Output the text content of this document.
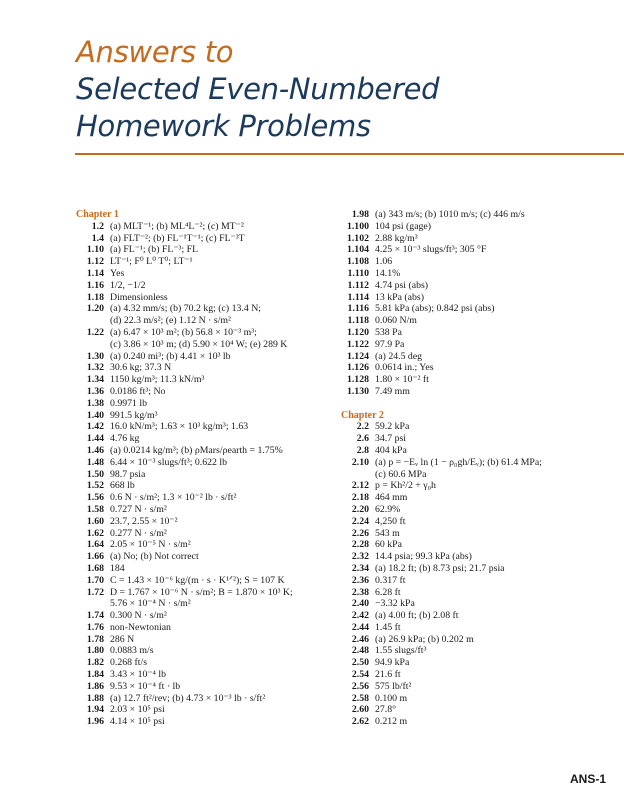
Answers to
Selected Even-Numbered
Homework Problems
Chapter 1
1.2 (a) MLT⁻¹; (b) ML⁴L⁻²; (c) MT⁻²
1.4 (a) FLT⁻²; (b) FL⁻¹T⁻¹; (c) FL⁻³T
1.10 (a) FL⁻¹; (b) FL⁻³; FL
1.12 LT⁻¹; F⁰ L⁰ T⁰; LT⁻¹
1.14 Yes
1.16 1/2, −1/2
1.18 Dimensionless
1.20 (a) 4.32 mm/s; (b) 70.2 kg; (c) 13.4 N;
(d) 22.3 m/s²; (e) 1.12 N · s/m²
1.22 (a) 6.47 × 10³ m²; (b) 56.8 × 10⁻³ m³;
(c) 3.86 × 10³ m; (d) 5.90 × 10⁴ W; (e) 289 K
1.30 (a) 0.240 mi³; (b) 4.41 × 10³ lb
1.32 30.6 kg; 37.3 N
1.34 1150 kg/m³; 11.3 kN/m³
1.36 0.0186 ft³; No
1.38 0.9971 lb
1.40 991.5 kg/m³
1.42 16.0 kN/m³; 1.63 × 10³ kg/m³; 1.63
1.44 4.76 kg
1.46 (a) 0.0214 kg/m³; (b) ρMars/ρearth = 1.75%
1.48 6.44 × 10⁻³ slugs/ft³; 0.622 lb
1.50 98.7 psia
1.52 668 lb
1.56 0.6 N · s/m²; 1.3 × 10⁻² lb · s/ft²
1.58 0.727 N · s/m²
1.60 23.7, 2.55 × 10⁻²
1.62 0.277 N · s/m²
1.64 2.05 × 10⁻⁵ N · s/m²
1.66 (a) No; (b) Not correct
1.68 184
1.70 C = 1.43 × 10⁻⁶ kg/(m · s · K¹ᐟ²); S = 107 K
1.72 D = 1.767 × 10⁻⁶ N · s/m²; B = 1.870 × 10³ K;
5.76 × 10⁻⁴ N · s/m²
1.74 0.300 N · s/m²
1.76 non-Newtonian
1.78 286 N
1.80 0.0883 m/s
1.82 0.268 ft/s
1.84 3.43 × 10⁻⁴ lb
1.86 9.53 × 10⁻⁴ ft · lb
1.88 (a) 12.7 ft²/rev; (b) 4.73 × 10⁻³ lb · s/ft²
1.94 2.03 × 10⁵ psi
1.96 4.14 × 10⁵ psi
1.98 (a) 343 m/s; (b) 1010 m/s; (c) 446 m/s
1.100 104 psi (gage)
1.102 2.88 kg/m³
1.104 4.25 × 10⁻³ slugs/ft³; 305 °F
1.108 1.06
1.110 14.1%
1.112 4.74 psi (abs)
1.114 13 kPa (abs)
1.116 5.81 kPa (abs); 0.842 psi (abs)
1.118 0.060 N/m
1.120 538 Pa
1.122 97.9 Pa
1.124 (a) 24.5 deg
1.126 0.0614 in.; Yes
1.128 1.80 × 10⁻² ft
1.130 7.49 mm
Chapter 2
2.2 59.2 kPa
2.6 34.7 psi
2.8 404 kPa
2.10 (a) p = −Eᵥ ln (1 − ρ₀gh/Eᵥ); (b) 61.4 MPa;
(c) 60.6 MPa
2.12 p = Kh²/2 + γ₀h
2.18 464 mm
2.20 62.9%
2.24 4,250 ft
2.26 543 m
2.28 60 kPa
2.32 14.4 psia; 99.3 kPa (abs)
2.34 (a) 18.2 ft; (b) 8.73 psi; 21.7 psia
2.36 0.317 ft
2.38 6.28 ft
2.40 −3.32 kPa
2.42 (a) 4.00 ft; (b) 2.08 ft
2.44 1.45 ft
2.46 (a) 26.9 kPa; (b) 0.202 m
2.48 1.55 slugs/ft³
2.50 94.9 kPa
2.54 21.6 ft
2.56 575 lb/ft²
2.58 0.100 m
2.60 27.8°
2.62 0.212 m
ANS-1
